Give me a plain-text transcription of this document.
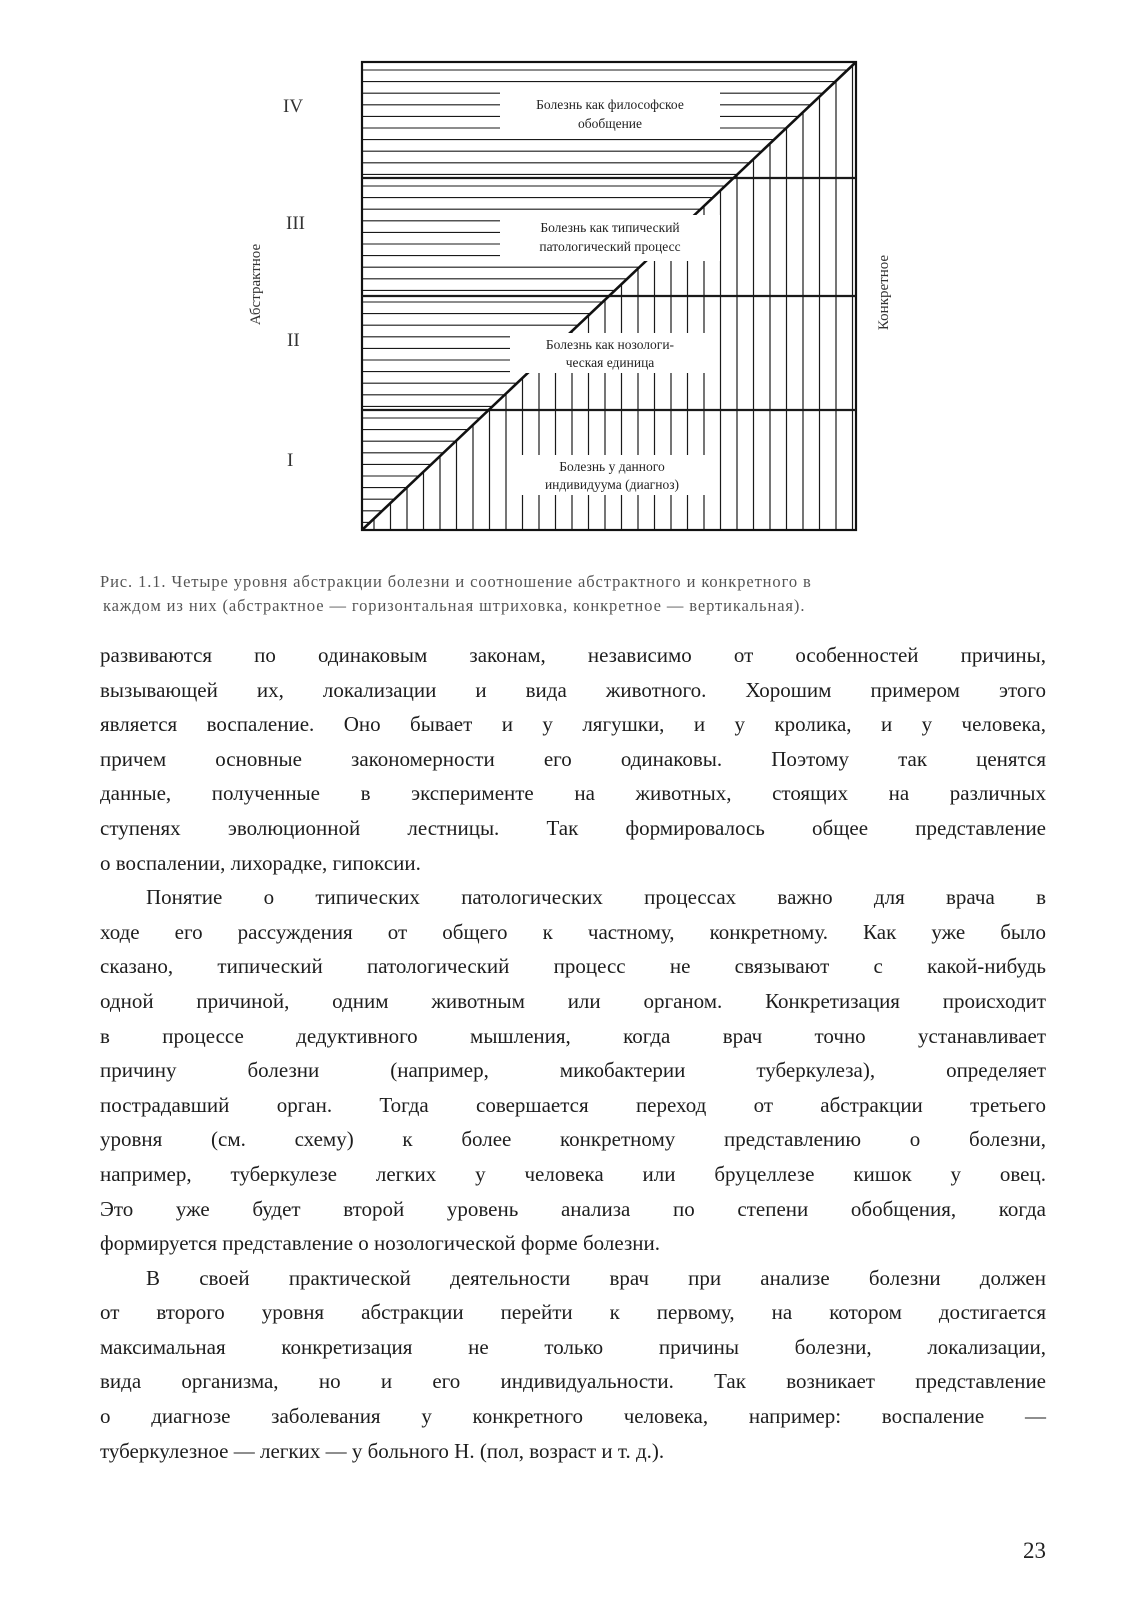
Болезнь как философское
обобщение
Болезнь как типический
патологический процесс
Болезнь как нозологи-
ческая единица
Болезнь у данного
индивидуума (диагноз)
IV
III
II
I
Абстрактное	Конкретное
Рис. 1.1. Четыре уровня абстракции болезни и соотношение абстрактного и конкретного в
каждом из них (абстрактное — горизонтальная штриховка, конкретное — вертикальная).
развиваются по одинаковым законам, независимо от особенностей причины,
вызывающей их, локализации и вида животного. Хорошим примером этого
является воспаление. Оно бывает и у лягушки, и у кролика, и у человека,
причем основные закономерности его одинаковы. Поэтому так ценятся
данные, полученные в эксперименте на животных, стоящих на различных
ступенях эволюционной лестницы. Так формировалось общее представление
о воспалении, лихорадке, гипоксии.
Понятие о типических патологических процессах важно для врача в
ходе его рассуждения от общего к частному, конкретному. Как уже было
сказано, типический патологический процесс не связывают с какой-нибудь
одной причиной, одним животным или органом. Конкретизация происходит
в процессе дедуктивного мышления, когда врач точно устанавливает
причину болезни (например, микобактерии туберкулеза), определяет
пострадавший орган. Тогда совершается переход от абстракции третьего
уровня (см. схему) к более конкретному представлению о болезни,
например, туберкулезе легких у человека или бруцеллезе кишок у овец.
Это уже будет второй уровень анализа по степени обобщения, когда
формируется представление о нозологической форме болезни.
В своей практической деятельности врач при анализе болезни должен
от второго уровня абстракции перейти к первому, на котором достигается
максимальная конкретизация не только причины болезни, локализации,
вида организма, но и его индивидуальности. Так возникает представление
о диагнозе заболевания у конкретного человека, например: воспаление —
туберкулезное — легких — у больного Н. (пол, возраст и т. д.).
23
